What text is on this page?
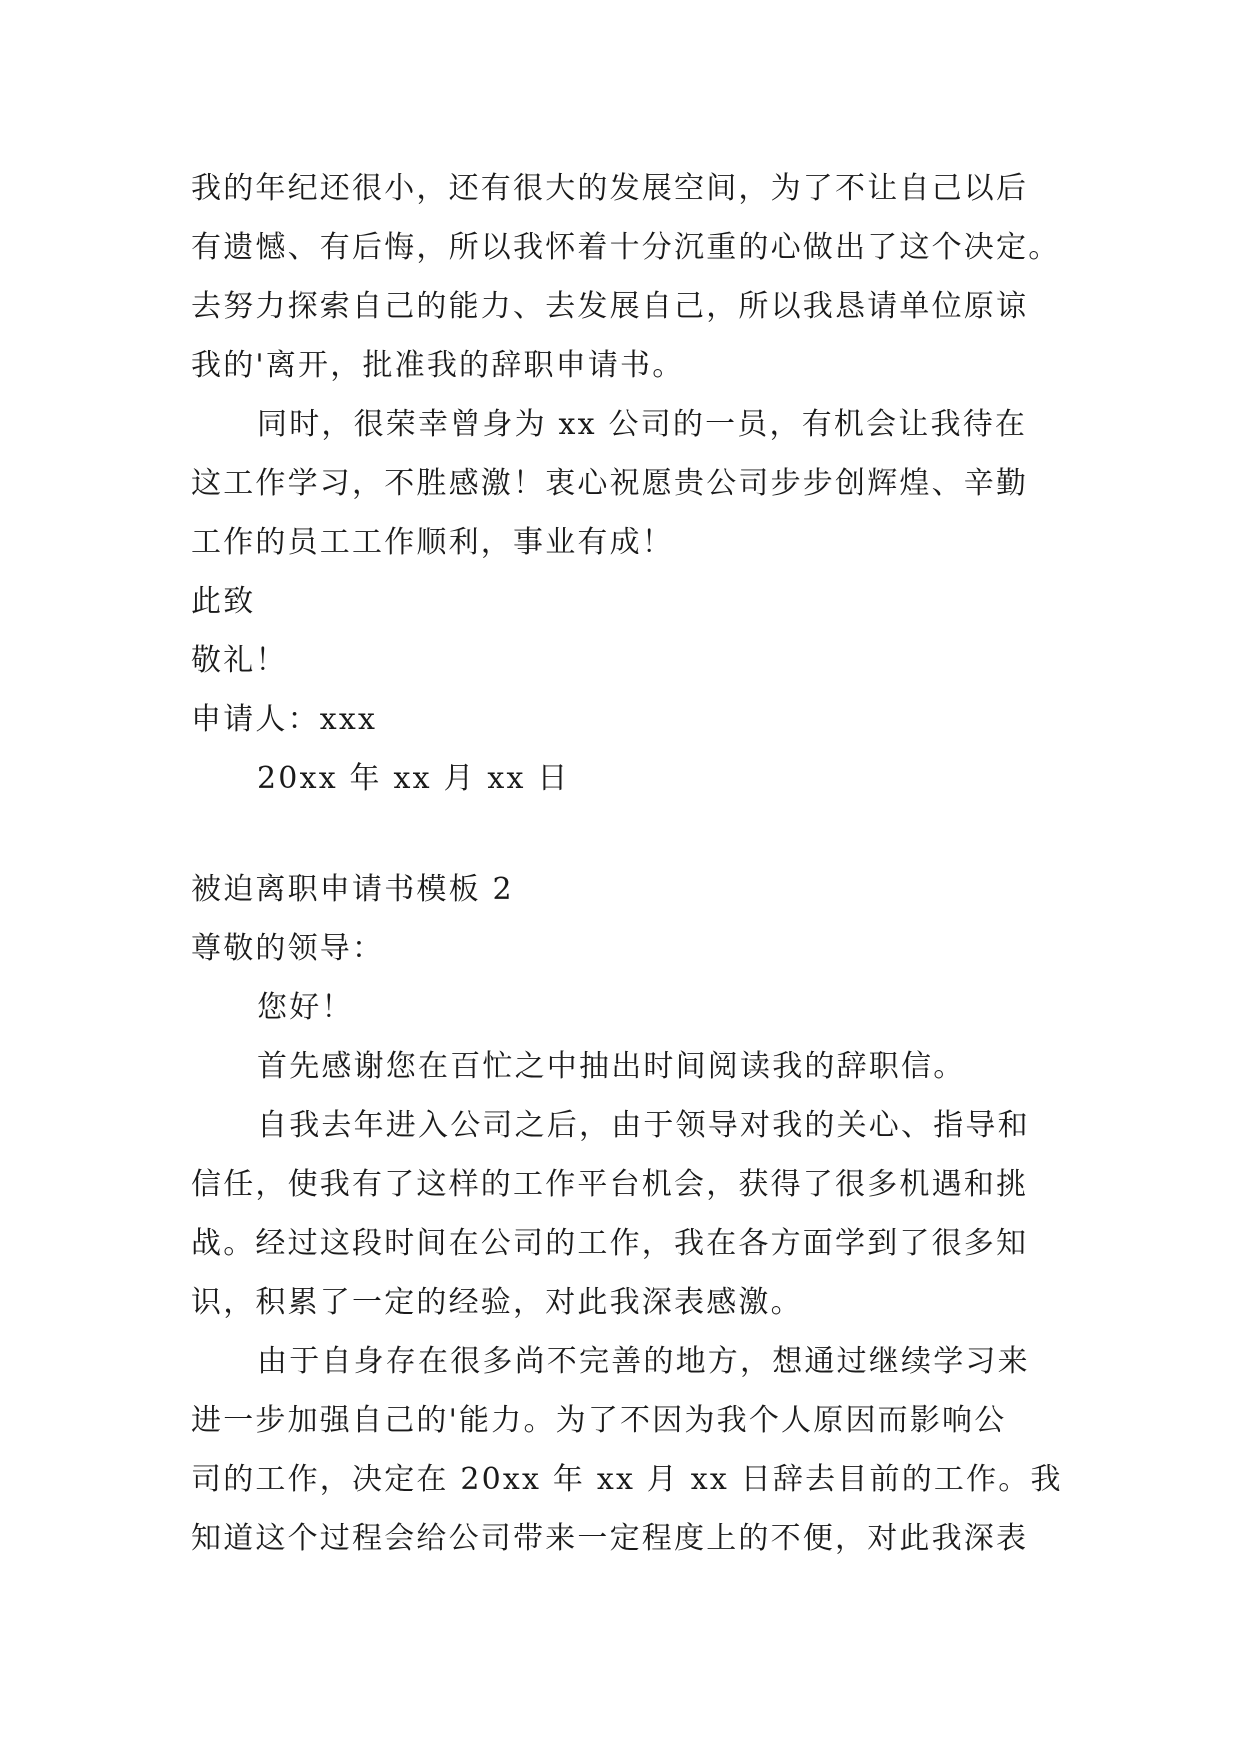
我的年纪还很小，还有很大的发展空间，为了不让自己以后
有遗憾、有后悔，所以我怀着十分沉重的心做出了这个决定。
去努力探索自己的能力、去发展自己，所以我恳请单位原谅
我的'离开，批准我的辞职申请书。
同时，很荣幸曾身为 xx 公司的一员，有机会让我待在
这工作学习，不胜感激！衷心祝愿贵公司步步创辉煌、辛勤
工作的员工工作顺利，事业有成！
此致
敬礼！
申请人：xxx
20xx 年 xx 月 xx 日
被迫离职申请书模板 2
尊敬的领导：
您好！
首先感谢您在百忙之中抽出时间阅读我的辞职信。
自我去年进入公司之后，由于领导对我的关心、指导和
信任，使我有了这样的工作平台机会，获得了很多机遇和挑
战。经过这段时间在公司的工作，我在各方面学到了很多知
识，积累了一定的经验，对此我深表感激。
由于自身存在很多尚不完善的地方，想通过继续学习来
进一步加强自己的'能力。为了不因为我个人原因而影响公
司的工作，决定在 20xx 年 xx 月 xx 日辞去目前的工作。我
知道这个过程会给公司带来一定程度上的不便，对此我深表
